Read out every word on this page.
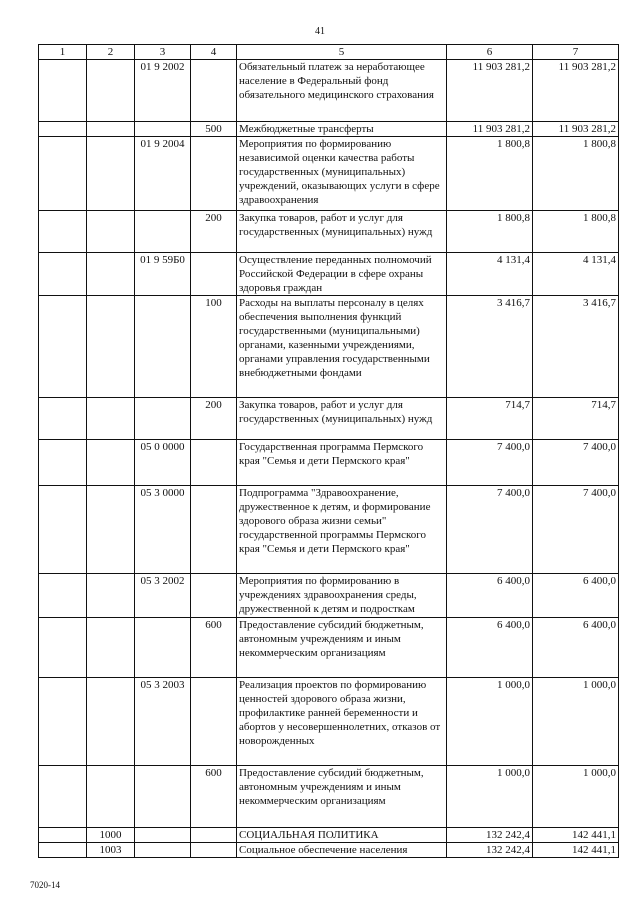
41
1	2	3	4	5	6	7
		01 9 2002		Обязательный платеж за неработающее население в Федеральный фонд обязательного медицинского страхования	11 903 281,2	11 903 281,2
			500	Межбюджетные трансферты	11 903 281,2	11 903 281,2
		01 9 2004		Мероприятия по формированию независимой оценки качества работы государственных (муниципальных) учреждений, оказывающих услуги в сфере здравоохранения	1 800,8	1 800,8
			200	Закупка товаров, работ и услуг для государственных (муниципальных) нужд	1 800,8	1 800,8
		01 9 59Б0		Осуществление переданных полномочий Российской Федерации в сфере охраны здоровья граждан	4 131,4	4 131,4
			100	Расходы на выплаты персоналу в целях обеспечения выполнения функций государственными (муниципальными) органами, казенными учреждениями, органами управления государственными внебюджетными фондами	3 416,7	3 416,7
			200	Закупка товаров, работ и услуг для государственных (муниципальных) нужд	714,7	714,7
		05 0 0000		Государственная программа Пермского края "Семья и дети Пермского края"	7 400,0	7 400,0
		05 3 0000		Подпрограмма "Здравоохранение, дружественное к детям, и формирование здорового образа жизни семьи" государственной программы Пермского края "Семья и дети Пермского края"	7 400,0	7 400,0
		05 3 2002		Мероприятия по формированию в учреждениях здравоохранения среды, дружественной к детям и подросткам	6 400,0	6 400,0
			600	Предоставление субсидий бюджетным, автономным учреждениям и иным некоммерческим организациям	6 400,0	6 400,0
		05 3 2003		Реализация проектов по формированию ценностей здорового образа жизни, профилактике ранней беременности и абортов у несовершеннолетних, отказов от новорожденных	1 000,0	1 000,0
			600	Предоставление субсидий бюджетным, автономным учреждениям и иным некоммерческим организациям	1 000,0	1 000,0
	1000			СОЦИАЛЬНАЯ ПОЛИТИКА	132 242,4	142 441,1
	1003			Социальное обеспечение населения	132 242,4	142 441,1
7020-14
